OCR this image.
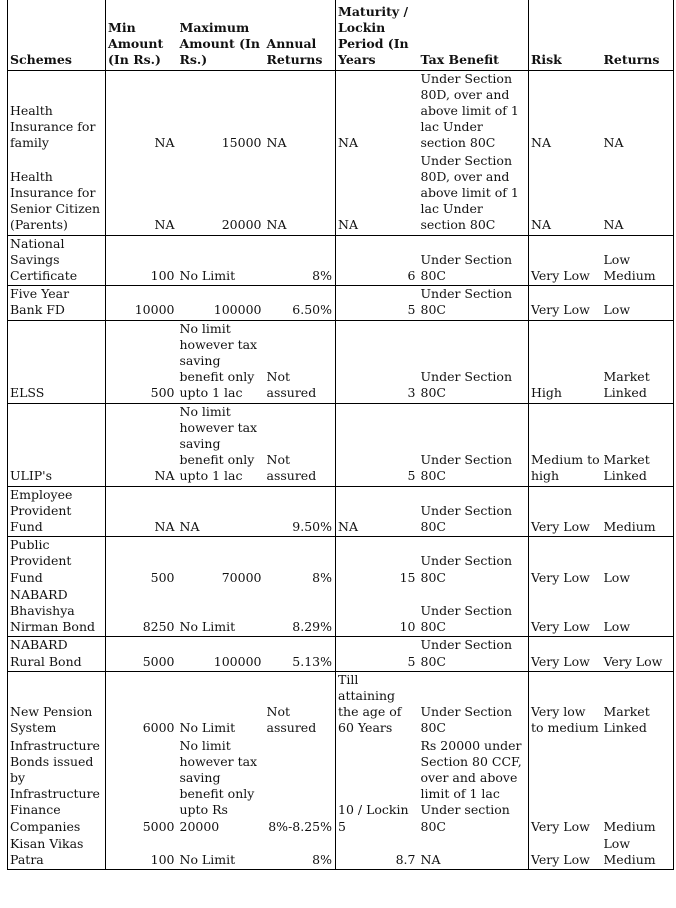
Schemes	Min Amount (In Rs.)	Maximum Amount (In Rs.)	Annual Returns	Maturity / Lockin Period (In Years	Tax Benefit	Risk	Returns
Health Insurance for family	NA	15000	NA	NA	Under Section 80D, over and above limit of 1 lac Under section 80C	NA	NA
Health Insurance for Senior Citizen (Parents)	NA	20000	NA	NA	Under Section 80D, over and above limit of 1 lac Under section 80C	NA	NA
National Savings Certificate	100	No Limit	8%	6	Under Section 80C	Very Low	Low Medium
Five Year Bank FD	10000	100000	6.50%	5	Under Section 80C	Very Low	Low
ELSS	500	No limit however tax saving benefit only upto 1 lac	Not assured	3	Under Section 80C	High	Market Linked
ULIP's	NA	No limit however tax saving benefit only upto 1 lac	Not assured	5	Under Section 80C	Medium to high	Market Linked
Employee Provident Fund	NA	NA	9.50%	NA	Under Section 80C	Very Low	Medium
Public Provident Fund	500	70000	8%	15	Under Section 80C	Very Low	Low
NABARD Bhavishya Nirman Bond	8250	No Limit	8.29%	10	Under Section 80C	Very Low	Low
NABARD Rural Bond	5000	100000	5.13%	5	Under Section 80C	Very Low	Very Low
New Pension System	6000	No Limit	Not assured	Till attaining the age of 60 Years	Under Section 80C	Very low to medium	Market Linked
Infrastructure Bonds issued by Infrastructure Finance Companies	5000	No limit however tax saving benefit only upto Rs 20000	8%-8.25%	10 / Lockin 5	Rs 20000 under Section 80 CCF, over and above limit of 1 lac Under section 80C	Very Low	Medium
Kisan Vikas Patra	100	No Limit	8%	8.7	NA	Very Low	Low Medium
